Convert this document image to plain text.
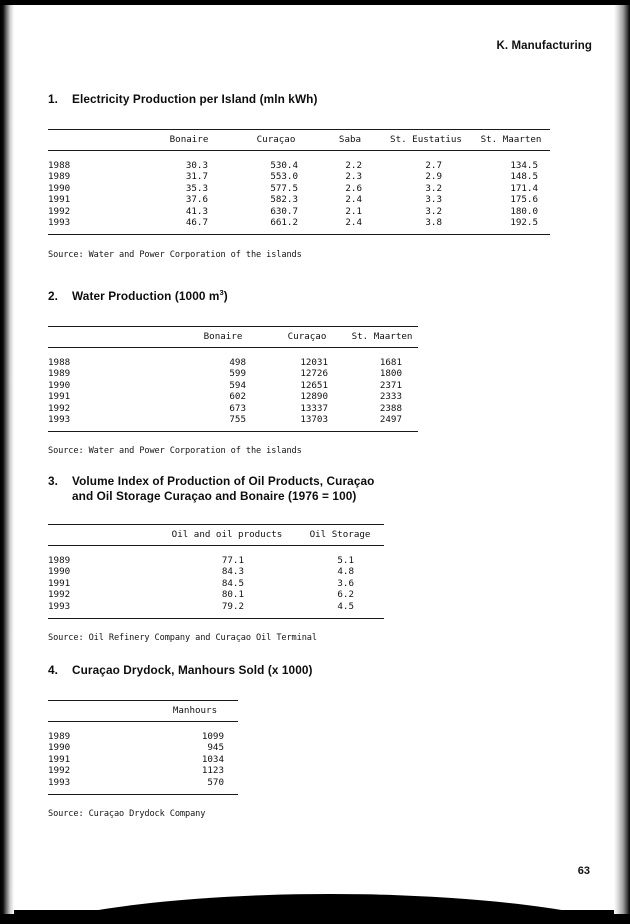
K. Manufacturing
1.	Electricity Production per Island (mln kWh)
	Bonaire	Curaçao	Saba	St. Eustatius	St. Maarten
1988	30.3	530.4	2.2	2.7	134.5
1989	31.7	553.0	2.3	2.9	148.5
1990	35.3	577.5	2.6	3.2	171.4
1991	37.6	582.3	2.4	3.3	175.6
1992	41.3	630.7	2.1	3.2	180.0
1993	46.7	661.2	2.4	3.8	192.5

Source: Water and Power Corporation of the islands
2.	Water Production (1000 $m^3$)
	Bonaire	Curaçao	St. Maarten
1988	498	12031	1681
1989	599	12726	1800
1990	594	12651	2371
1991	602	12890	2333
1992	673	13337	2388
1993	755	13703	2497

Source: Water and Power Corporation of the islands
3.	Volume Index of Production of Oil Products, Curaçao
and Oil Storage Curaçao and Bonaire (1976 = 100)
	Oil and oil products	Oil Storage
1989	77.1	5.1
1990	84.3	4.8
1991	84.5	3.6
1992	80.1	6.2
1993	79.2	4.5

Source: Oil Refinery Company and Curaçao Oil Terminal
4.	Curaçao Drydock, Manhours Sold (x 1000)
	Manhours
1989	1099
1990	945
1991	1034
1992	1123
1993	570

Source: Curaçao Drydock Company
63
